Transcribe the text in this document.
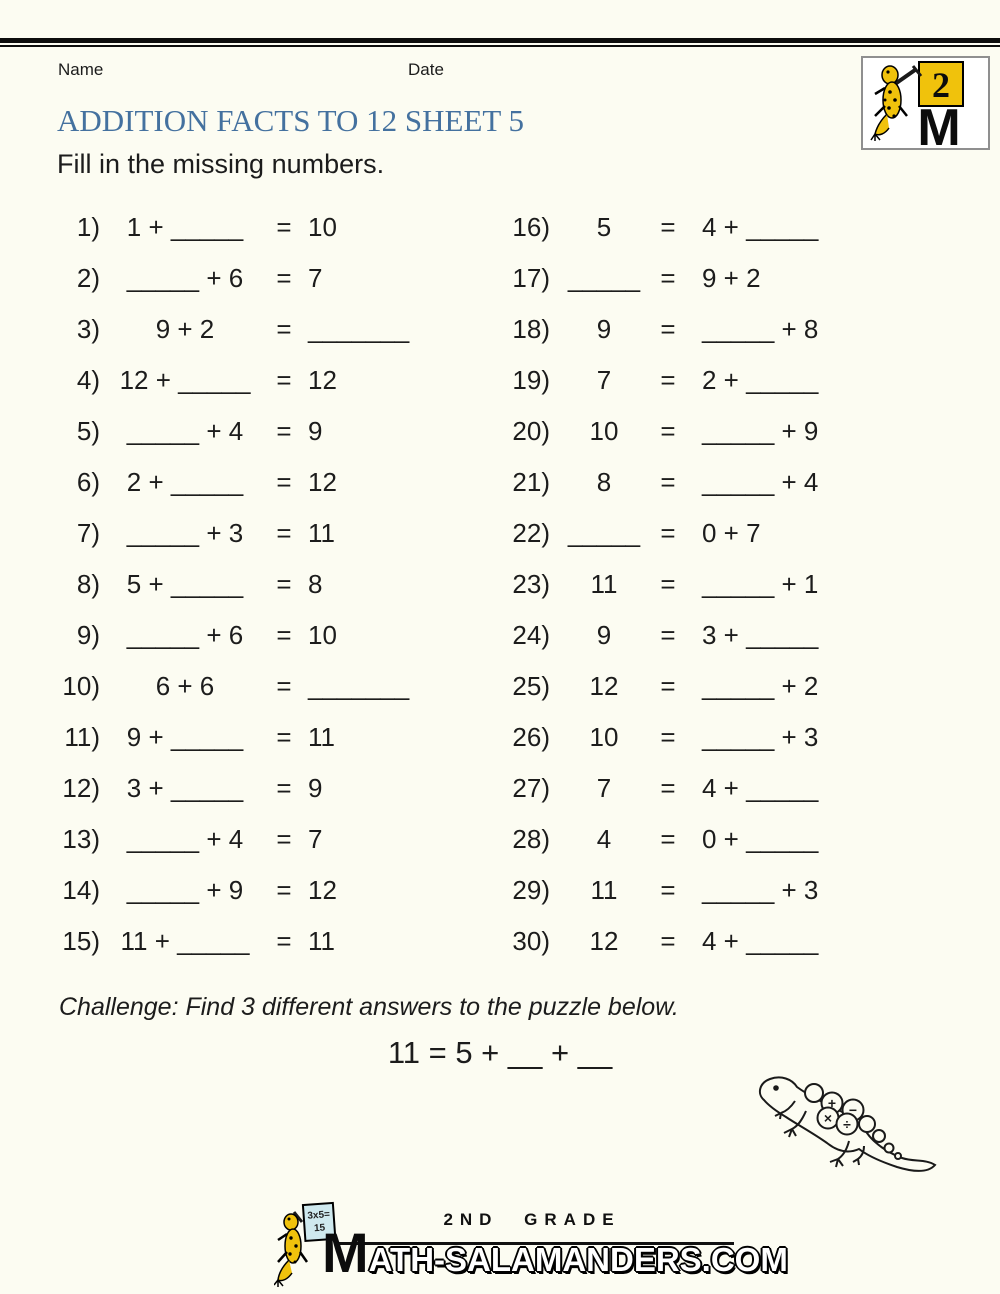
Name	Date	2
M
ADDITION FACTS TO 12 SHEET 5
Fill in the missing numbers.
1)	1 + _____	= 10
2)	_____ + 6	= 7
3)	9 + 2	= _______
4) 12 + _____ = 12
5)	_____ + 4	= 9
6)	2 + _____	= 12
7)	_____ + 3	= 11
8)	5 + _____	= 8
9)	_____ + 6	= 10
10)	6 + 6	= _______
11)	9 + _____	= 11
12)	3 + _____	= 9
13)	_____ + 4	= 7
14)	_____ + 9	= 12
15) 11 + _____	= 11
16)	5	=	4 + _____
17) _____ =	9 + 2
18)	9	=	_____ + 8
19)	7	=	2 + _____
20)	10	=	_____ + 9
21)	8	=	_____ + 4
22) _____ =	0 + 7
23)	11	=	_____ + 1
24)	9	=	3 + _____
25)	12	=	_____ + 2
26)	10	=	_____ + 3
27)	7	=	4 + _____
28)	4	=	0 + _____
29)	11	=	_____ + 3
30)	12	=	4 + _____
Challenge: Find 3 different answers to the puzzle below.
11 = 5 + __ + __
+ −
× ÷
3x5=
15	2ND GRADE
M ATH-SALAMANDERS.COM
